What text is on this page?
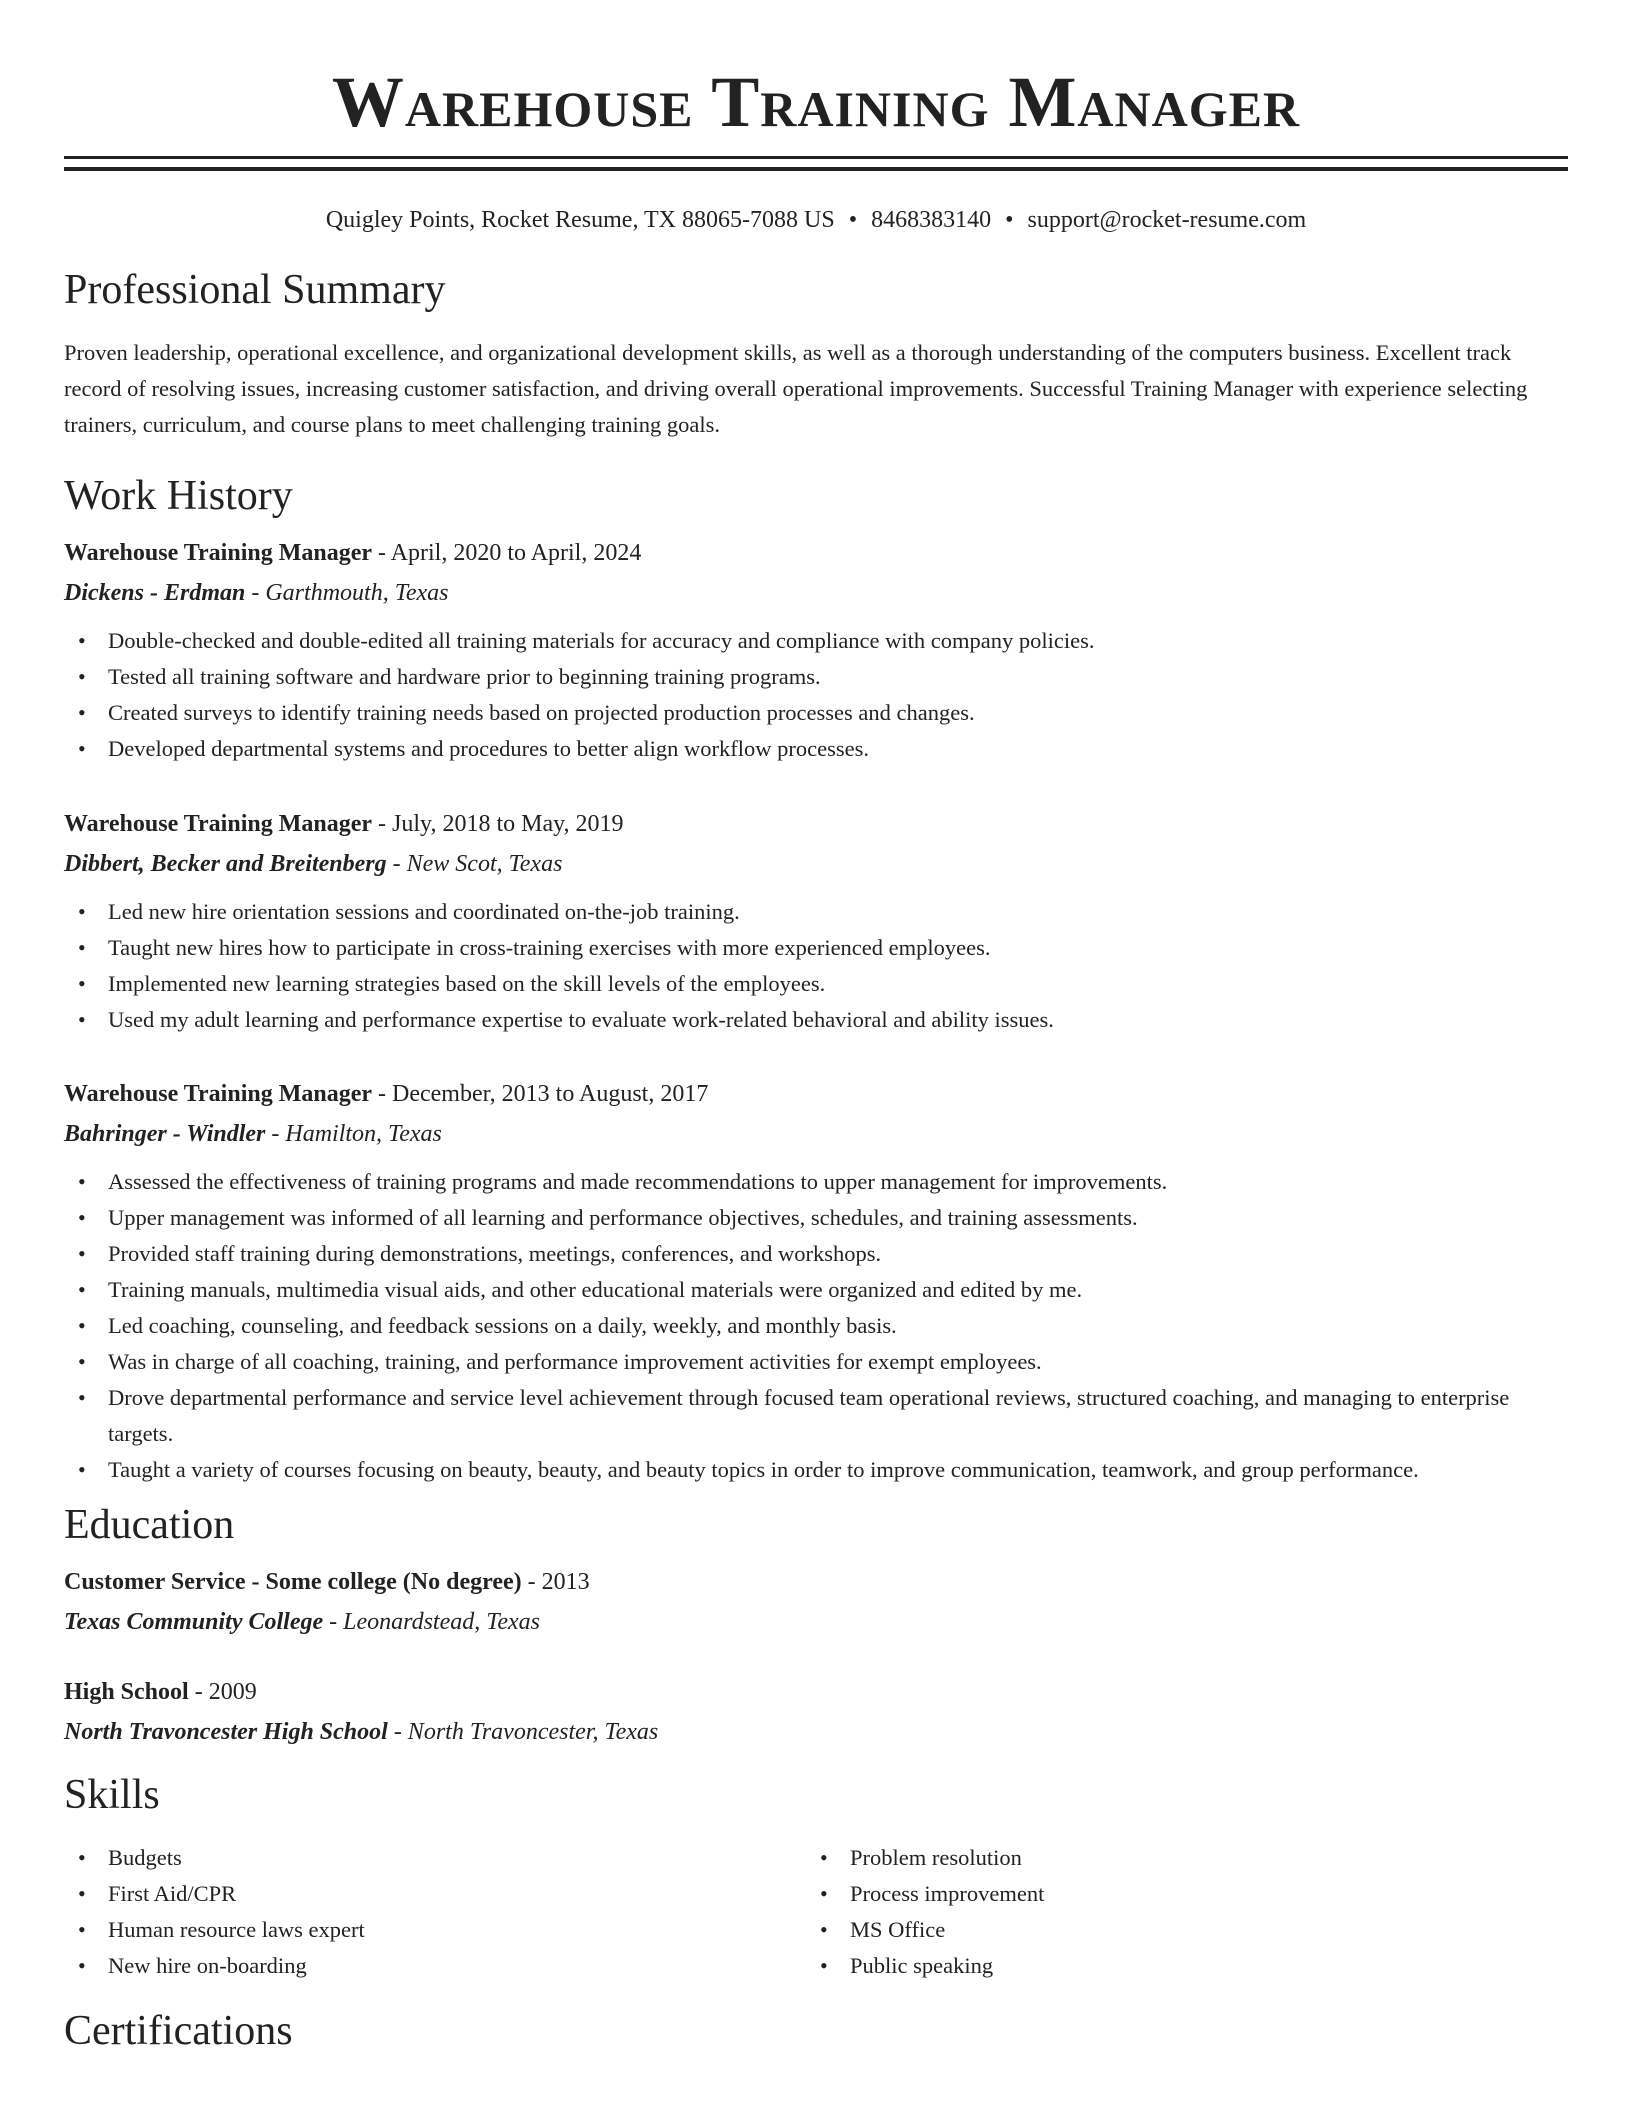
Warehouse Training Manager
Quigley Points, Rocket Resume, TX 88065-7088 US • 8468383140 • support@rocket-resume.com
Professional Summary

Proven leadership, operational excellence, and organizational development skills, as well as a thorough understanding of the computers business. Excellent track record of resolving issues, increasing customer satisfaction, and driving overall operational improvements. Successful Training Manager with experience selecting trainers, curriculum, and course plans to meet challenging training goals.

Work History
Warehouse Training Manager - April, 2020 to April, 2024
Dickens - Erdman - Garthmouth, Texas
• Double-checked and double-edited all training materials for accuracy and compliance with company policies.
• Tested all training software and hardware prior to beginning training programs.
• Created surveys to identify training needs based on projected production processes and changes.
• Developed departmental systems and procedures to better align workflow processes.
Warehouse Training Manager - July, 2018 to May, 2019
Dibbert, Becker and Breitenberg - New Scot, Texas
• Led new hire orientation sessions and coordinated on-the-job training.
• Taught new hires how to participate in cross-training exercises with more experienced employees.
• Implemented new learning strategies based on the skill levels of the employees.
• Used my adult learning and performance expertise to evaluate work-related behavioral and ability issues.
Warehouse Training Manager - December, 2013 to August, 2017
Bahringer - Windler - Hamilton, Texas
• Assessed the effectiveness of training programs and made recommendations to upper management for improvements.
• Upper management was informed of all learning and performance objectives, schedules, and training assessments.
• Provided staff training during demonstrations, meetings, conferences, and workshops.
• Training manuals, multimedia visual aids, and other educational materials were organized and edited by me.
• Led coaching, counseling, and feedback sessions on a daily, weekly, and monthly basis.
• Was in charge of all coaching, training, and performance improvement activities for exempt employees.
• Drove departmental performance and service level achievement through focused team operational reviews, structured coaching, and managing to enterprise targets.
• Taught a variety of courses focusing on beauty, beauty, and beauty topics in order to improve communication, teamwork, and group performance.
Education
Customer Service - Some college (No degree) - 2013
Texas Community College - Leonardstead, Texas
High School - 2009
North Travoncester High School - North Travoncester, Texas
Skills
• Budgets
• First Aid/CPR
• Human resource laws expert
• New hire on-boarding
• Problem resolution
• Process improvement
• MS Office
• Public speaking
Certifications
